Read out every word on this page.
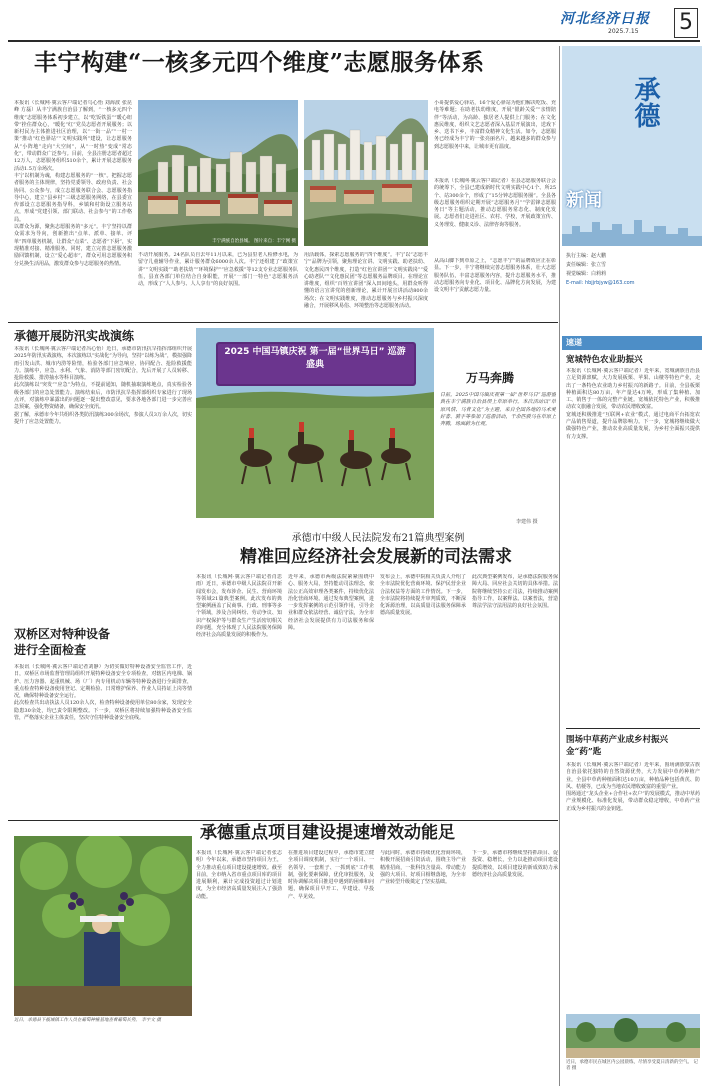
河北经济日报
2025.7.15 5
丰宁构建“一核多元四个维度”志愿服务体系
本报讯（长城网·冀云客户端记者乌心怡 刘海波 张昆峰 方磊）从丰宁满族自治县了解到，“一核多元四个维度”志愿服务体系初步建立，以“吃饭铁蛋”“暖心纽带”拴住群众心，“暖化“红”党员志愿者开展服务；以新村民为主体推进社区治理，以“一街一品”“一村一策”推动“红色驿站”“文明实践所”建设，让志愿服务从“小阵地”走向“大空间”，从“一时热”变成“常态化”，带动群众广泛参与。目前，全县注册志愿者超过12万人，志愿服务组织510余个，累计开展志愿服务活动1.5万余场次。
丰宁以机制为魂，构建志愿服务的“一核”。把握志愿者服务的主体规律，坚持党委领导、政府负责、社会协同、公众参与，成立志愿服务联合会、志愿服务指导中心，建立“县乡村”三级志愿服务网络，在县委宣传部设立志愿服务指导科，乡镇和村街设立服务站点，形成“党建引领、部门联动、社会参与”的工作格局。
以群众为源，聚焦志愿服务的“多元”。丰宁坚持以群众需求为导向，创新推出“点单、派单、接单、评单”四单服务机制，让群众“点菜”、志愿者“下厨”，实现精准对接、精准服务。同时，建立完善志愿服务激励回馈机制，设立“爱心超市”，群众可用志愿服务积分兑换生活用品，激发群众参与志愿服务的热情。
丰宁满族自治县城。 图片来自：丰宁网 摄
不动开展服务。24名队员自去年11月以来，已为县里老人检修水电，为留守儿童辅导作业，累计服务群众6000余人次。丰宁还组建了“政策宣讲”“文明实践”“助老扶幼”“环境保护”“应急救援”等12支专业志愿服务队伍，县直各部门单位结合自身职能，开展“一部门一特色”志愿服务活动，形成了“人人参与、人人享有”的良好氛围。
用活载体，探索志愿服务的“四个维度”。丰宁以“志愿丰宁”品牌为引领，聚焦理论宣讲、文明实践、助老扶幼、文化惠民四个维度，打造“红色宣讲团”“文明实践岗”“爱心助老队”“文化惠民团”等志愿服务品牌项目。在理论宣讲维度，组织“百姓宣讲团”深入田间地头，用群众听得懂的语言宣讲党的创新理论，累计开展宣讲活动800余场次；在文明实践维度，推动志愿服务与乡村振兴深度融合，开展移风易俗、环境整治等志愿服务活动。
小哥提供爱心驿站，16个爱心驿站为他们解决吃饭、充电等难题；在助老扶幼维度，开展“银龄关爱”“亲情陪伴”等活动，为高龄、独居老人提供上门服务；在文化惠民维度，组织文艺志愿者深入基层开展演出，送戏下乡、送书下乡，丰富群众精神文化生活。如今，志愿服务已经成为丰宁的一张亮丽名片，越来越多的群众参与到志愿服务中来，让城市更有温度。
本报讯（长城网·冀云客户端记者）在县志愿服务联合会的统筹下，全县已建成新时代文明实践中心1个、所25个、站300余个，形成了“15分钟志愿服务圈”。全县各级志愿服务组织定期开展“志愿服务月”“学雷锋志愿服务日”等主题活动，推动志愿服务常态化、制度化发展。志愿者们走进社区、农村、学校，开展政策宣传、义务理发、健康义诊、法律咨询等服务。
从高山脚下到草原之上，“志愿丰宁”的品牌效应正在彰显。下一步，丰宁将继续完善志愿服务体系，壮大志愿服务队伍，丰富志愿服务内容，提升志愿服务水平，推动志愿服务向专业化、项目化、品牌化方向发展，为建设文明丰宁贡献志愿力量。
承德
新闻
执行主编：赵大鹏
责任编辑：张立雪
视觉编辑：白莉莉
E-mail: hbjjrbjyw@163.com
速递
宽城特色农业助振兴
本报讯（长城网·冀云客户端记者）近年来，宽城满族自治县立足资源禀赋，大力发展板栗、苹果、山楂等特色产业，走出了一条特色农业助力乡村振兴的新路子。目前，全县板栗种植面积达80万亩，年产量达4万吨，形成了集种植、加工、销售于一体的完整产业链。宽城依托特色产业，积极推动农文旅融合发展，带动农民增收致富。
宽城还积极推进“互联网+农业”模式，通过电商平台拓宽农产品销售渠道，提升品牌影响力。下一步，宽城将继续做大做强特色产业，推动农业高质量发展，为乡村全面振兴提供有力支撑。
围场中草药产业成乡村振兴金“药”匙
本报讯（长城网·冀云客户端记者）近年来，围场满族蒙古族自治县依托独特的自然资源优势，大力发展中草药种植产业，全县中草药种植面积达10万亩，种植品种包括黄芪、防风、桔梗等，已成为当地农民增收致富的重要产业。
围场通过“龙头企业+合作社+农户”的发展模式，推动中草药产业规模化、标准化发展，带动群众稳定增收，中草药产业正成为乡村振兴的金钥匙。
近日，承德市民在城区内公园晨练，尽情享受夏日清新的空气。 记者 摄
承德开展防汛实战演练
本报讯（长城网·冀云客户端记者冯心怡）近日，承德市防汛抗旱指挥部组织开展2025年防汛实战演练，本次演练以“实战化”为导向，坚持“以练为战”，模拟强降雨引发山洪、城市内涝等险情，检验各部门应急响应、协同配合、抢险救援能力。演练中，应急、水利、气象、消防等部门密切配合，先后开展了人员转移、抢险救援、排涝抽水等科目演练。
此次演练以“突发”“应急”为特点，不提前通知，随机抽取演练地点，真实检验各级各部门的应急处置能力。演练结束后，市防汛抗旱指挥部组织专家进行了现场点评，对演练中暴露出的问题逐一提出整改意见，要求各地各部门进一步完善应急预案，强化物资储备，确保安全度汛。
据了解，承德市今年共组织各类防汛演练300余场次，参演人员3万余人次，切实提升了应急处置能力。
2025 中国马镇庆祝 第一届“世界马日” 巡游盛典
万马奔腾
日前，2025中国马镇庆祝第一届“世界马日”巡游盛典在丰宁满族自治县坝上草原举行。本次活动以“草原风情、马背文化”为主题，来自全国各地的马术爱好者、骑手等参加了巡游活动，千余匹骏马在草原上奔腾，场面蔚为壮观。
李建伟 摄
承德市中级人民法院发布21篇典型案例
精准回应经济社会发展新的司法需求
本报讯（长城网·冀云客户端记者肖思雨）近日，承德市中级人民法院召开新闻发布会，发布涉企、民生、营商环境等领域21篇典型案例。此次发布的典型案例涵盖了民商事、行政、刑事等多个领域，涉及合同纠纷、劳动争议、知识产权保护等与群众生产生活密切相关的问题，充分体现了人民法院服务保障经济社会高质量发展的积极作为。
近年来，承德市两级法院紧紧围绕中心、服务大局，坚持能动司法理念，依法公正高效审理各类案件，持续优化法治化营商环境。通过发布典型案例，进一步发挥案例的示范引领作用，引导企业和群众依法经营、诚信守法，为全市经济社会发展提供有力司法服务和保障。
发布会上，承德中院相关负责人介绍了全市法院优化营商环境、保护民营企业合法权益等方面的工作情况。下一步，全市法院将持续提升审判质效，不断深化诉源治理，以高质量司法服务保障承德高质量发展。
此次典型案例发布，是承德法院服务保障大局、回应社会关切的具体举措。法院将继续坚持公正司法，持续推动案例指导工作，以案释法、以案普法，营造尊法学法守法用法的良好社会氛围。
双桥区对特种设备进行全面检查
本报讯（长城网·冀云客户端记者刘静）为切实做好特种设备安全监管工作，近日，双桥区市场监督管理局组织开展特种设备安全专项检查，对辖区内电梯、锅炉、压力容器、起重机械、场（厂）内专用机动车辆等特种设备进行全面排查，重点检查特种设备使用登记、定期检验、日常维护保养、作业人员持证上岗等情况，确保特种设备安全运行。
此次检查共出动执法人员120余人次，检查特种设备使用单位80余家，发现安全隐患30余处，均已责令限期整改。下一步，双桥区将持续加强特种设备安全监管，严格落实企业主体责任，坚决守住特种设备安全底线。
承德重点项目建设提速增效动能足
近日，承德县下板城镇工作人员在葡萄种植基地查看葡萄长势。 李宇文 摄
本报讯（长城网·冀云客户端记者张志明）今年以来，承德市坚持项目为王，全力推动重点项目建设提速增效。截至目前，全市纳入省市重点项目库的项目进展顺利，累计完成投资超过计划进度，为全市经济高质量发展注入了强劲动能。
在推进项目建设过程中，承德市建立健全项目调度机制，实行“一个项目、一名领导、一套班子、一抓到底”工作机制，强化要素保障，优化审批服务，及时协调解决项目推进中遇到的困难和问题，确保项目早开工、早建设、早投产、早见效。
与此同时，承德市持续优化营商环境，积极开展招商引资活动，围绕主导产业精准招商，一批科技含量高、带动能力强的大项目、好项目相继落地，为全市产业转型升级奠定了坚实基础。
下一步，承德市将继续坚持抓项目、促投资、稳增长，全力以赴推动项目建设提质增效，以项目建设的新成效助力承德经济社会高质量发展。
